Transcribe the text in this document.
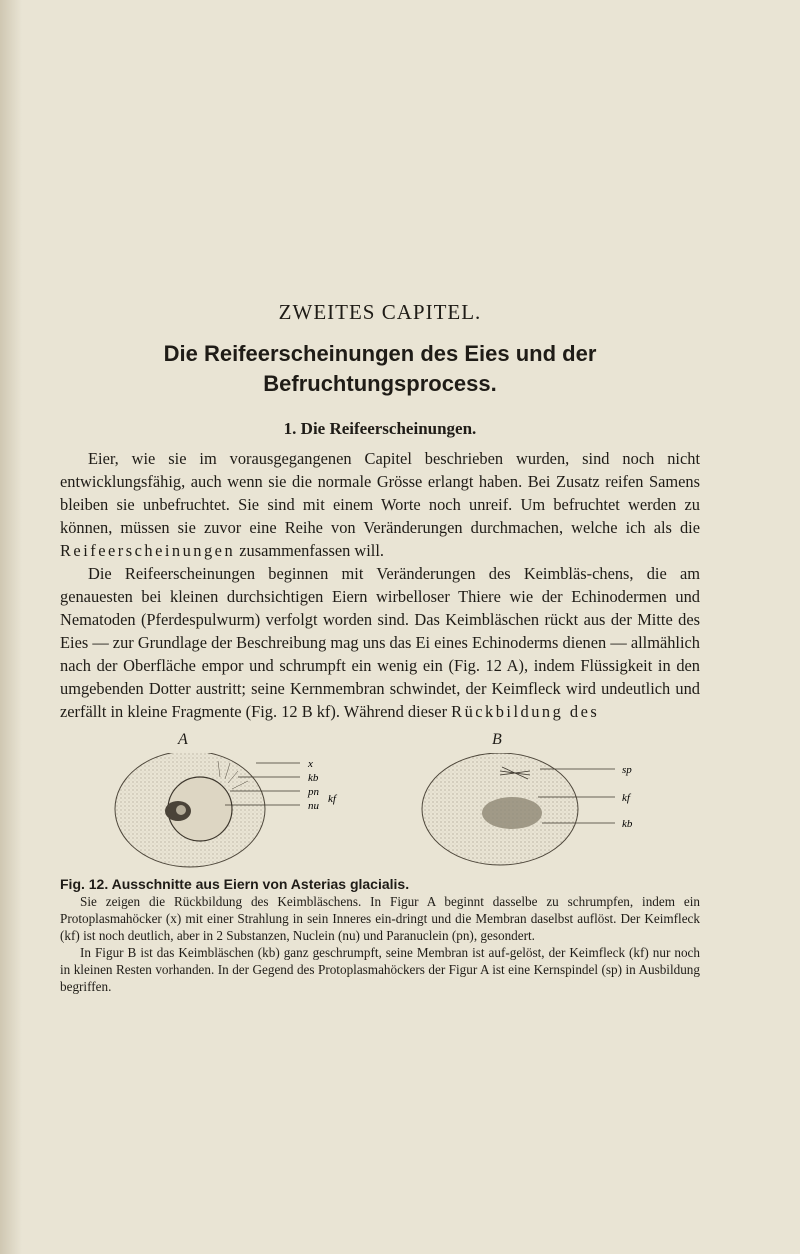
ZWEITES CAPITEL.
Die Reifeerscheinungen des Eies und der
Befruchtungsprocess.
1. Die Reifeerscheinungen.

Eier, wie sie im vorausgegangenen Capitel beschrieben wurden, sind noch nicht entwicklungsfähig, auch wenn sie die normale Grösse erlangt haben. Bei Zusatz reifen Samens bleiben sie unbefruchtet. Sie sind mit einem Worte noch unreif. Um befruchtet werden zu können, müssen sie zuvor eine Reihe von Veränderungen durchmachen, welche ich als die Reifeerscheinungen zusammenfassen will.

Die Reifeerscheinungen beginnen mit Veränderungen des Keimbläs-chens, die am genauesten bei kleinen durchsichtigen Eiern wirbelloser Thiere wie der Echinodermen und Nematoden (Pferdespulwurm) verfolgt worden sind. Das Keimbläschen rückt aus der Mitte des Eies — zur Grundlage der Beschreibung mag uns das Ei eines Echinoderms dienen — allmählich nach der Oberfläche empor und schrumpft ein wenig ein (Fig. 12 A), indem Flüssigkeit in den umgebenden Dotter austritt; seine Kernmembran schwindet, der Keimfleck wird undeutlich und zerfällt in kleine Fragmente (Fig. 12 B kf). Während dieser Rückbildung des

A	B
x
kb
pn
nu
kf
sp
kf
kb

Fig. 12. Ausschnitte aus Eiern von Asterias glacialis.

Sie zeigen die Rückbildung des Keimbläschens. In Figur A beginnt dasselbe zu schrumpfen, indem ein Protoplasmahöcker (x) mit einer Strahlung in sein Inneres ein-dringt und die Membran daselbst auflöst. Der Keimfleck (kf) ist noch deutlich, aber in 2 Substanzen, Nuclein (nu) und Paranuclein (pn), gesondert.

In Figur B ist das Keimbläschen (kb) ganz geschrumpft, seine Membran ist auf-gelöst, der Keimfleck (kf) nur noch in kleinen Resten vorhanden. In der Gegend des Protoplasmahöckers der Figur A ist eine Kernspindel (sp) in Ausbildung begriffen.
